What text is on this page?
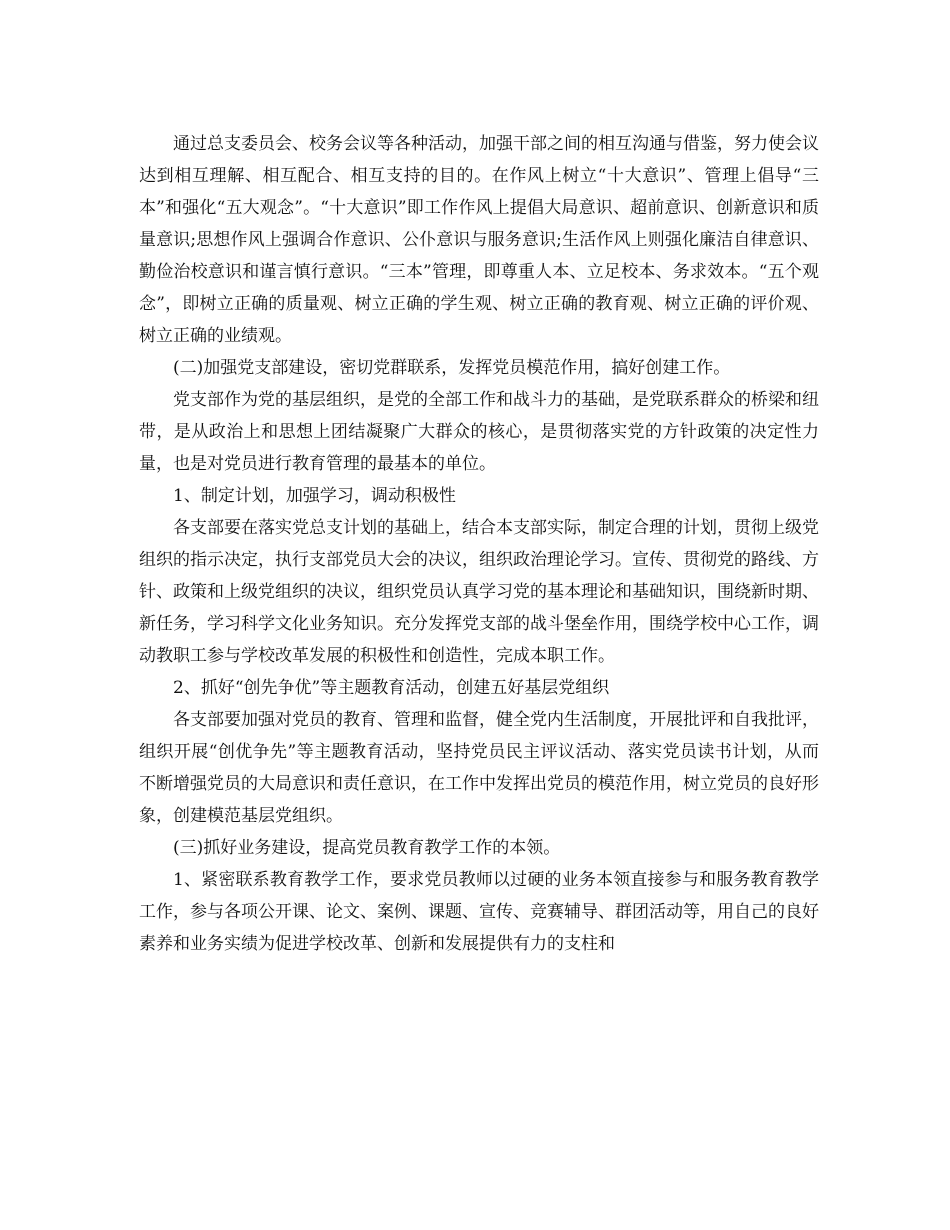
通过总支委员会、校务会议等各种活动，加强干部之间的相互沟通与借鉴，努力使会议达到相互理解、相互配合、相互支持的目的。在作风上树立“十大意识”、管理上倡导“三本”和强化“五大观念”。“十大意识”即工作作风上提倡大局意识、超前意识、创新意识和质量意识;思想作风上强调合作意识、公仆意识与服务意识;生活作风上则强化廉洁自律意识、勤俭治校意识和谨言慎行意识。“三本”管理，即尊重人本、立足校本、务求效本。“五个观念”，即树立正确的质量观、树立正确的学生观、树立正确的教育观、树立正确的评价观、树立正确的业绩观。

(二)加强党支部建设，密切党群联系，发挥党员模范作用，搞好创建工作。

党支部作为党的基层组织，是党的全部工作和战斗力的基础，是党联系群众的桥梁和纽带，是从政治上和思想上团结凝聚广大群众的核心，是贯彻落实党的方针政策的决定性力量，也是对党员进行教育管理的最基本的单位。

1、制定计划，加强学习，调动积极性

各支部要在落实党总支计划的基础上，结合本支部实际，制定合理的计划，贯彻上级党组织的指示决定，执行支部党员大会的决议，组织政治理论学习。宣传、贯彻党的路线、方针、政策和上级党组织的决议，组织党员认真学习党的基本理论和基础知识，围绕新时期、新任务，学习科学文化业务知识。充分发挥党支部的战斗堡垒作用，围绕学校中心工作，调动教职工参与学校改革发展的积极性和创造性，完成本职工作。

2、抓好“创先争优”等主题教育活动，创建五好基层党组织

各支部要加强对党员的教育、管理和监督，健全党内生活制度，开展批评和自我批评，组织开展“创优争先”等主题教育活动，坚持党员民主评议活动、落实党员读书计划，从而不断增强党员的大局意识和责任意识，在工作中发挥出党员的模范作用，树立党员的良好形象，创建模范基层党组织。

(三)抓好业务建设，提高党员教育教学工作的本领。

1、紧密联系教育教学工作，要求党员教师以过硬的业务本领直接参与和服务教育教学工作，参与各项公开课、论文、案例、课题、宣传、竞赛辅导、群团活动等，用自己的良好素养和业务实绩为促进学校改革、创新和发展提供有力的支柱和
